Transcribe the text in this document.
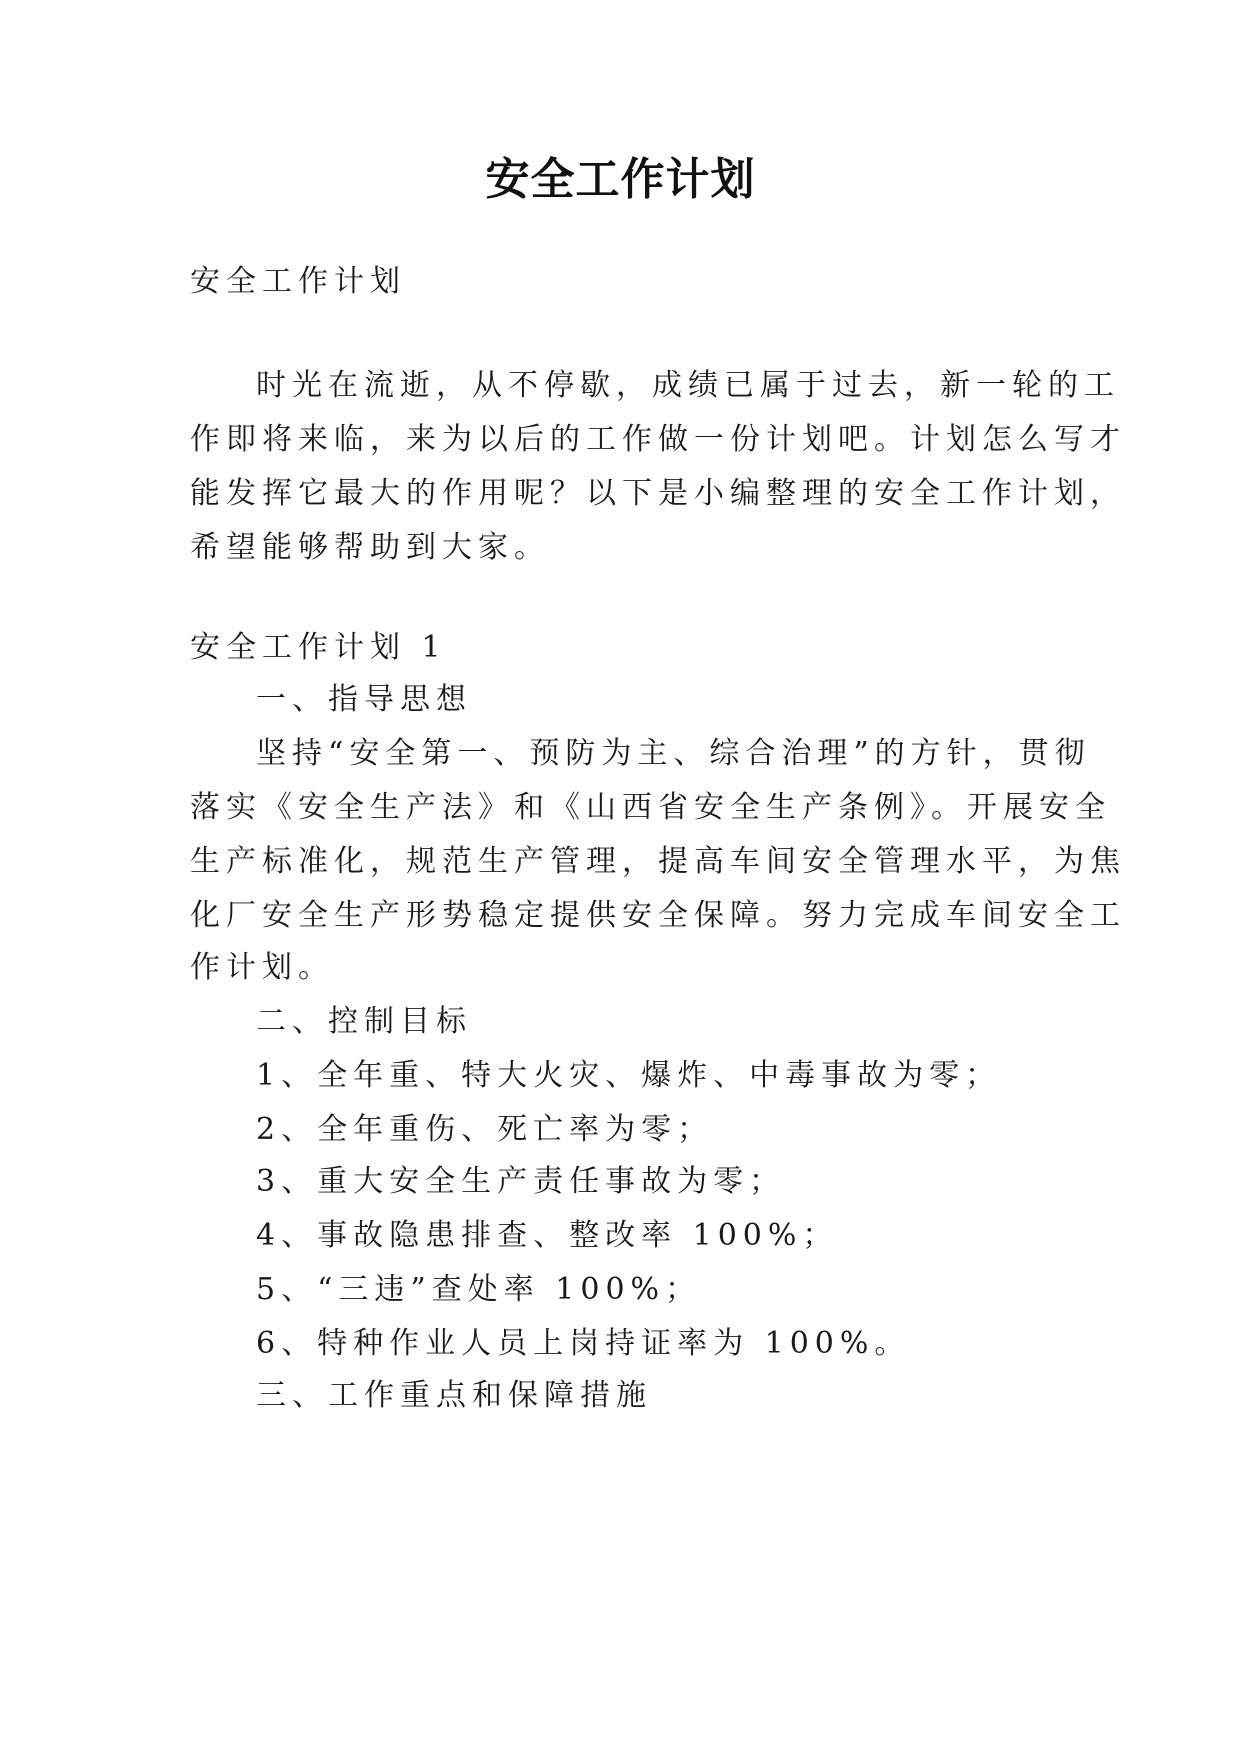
安全工作计划
安全工作计划
时光在流逝，从不停歇，成绩已属于过去，新一轮的工
作即将来临，来为以后的工作做一份计划吧。计划怎么写才
能发挥它最大的作用呢？以下是小编整理的安全工作计划，
希望能够帮助到大家。
安全工作计划 1
一、指导思想
坚持“安全第一、预防为主、综合治理”的方针，贯彻
落实《安全生产法》和《山西省安全生产条例》。开展安全
生产标准化，规范生产管理，提高车间安全管理水平，为焦
化厂安全生产形势稳定提供安全保障。努力完成车间安全工
作计划。
二、控制目标
1、全年重、特大火灾、爆炸、中毒事故为零；
2、全年重伤、死亡率为零；
3、重大安全生产责任事故为零；
4、事故隐患排查、整改率 100%；
5、“三违”查处率 100%；
6、特种作业人员上岗持证率为 100%。
三、工作重点和保障措施
